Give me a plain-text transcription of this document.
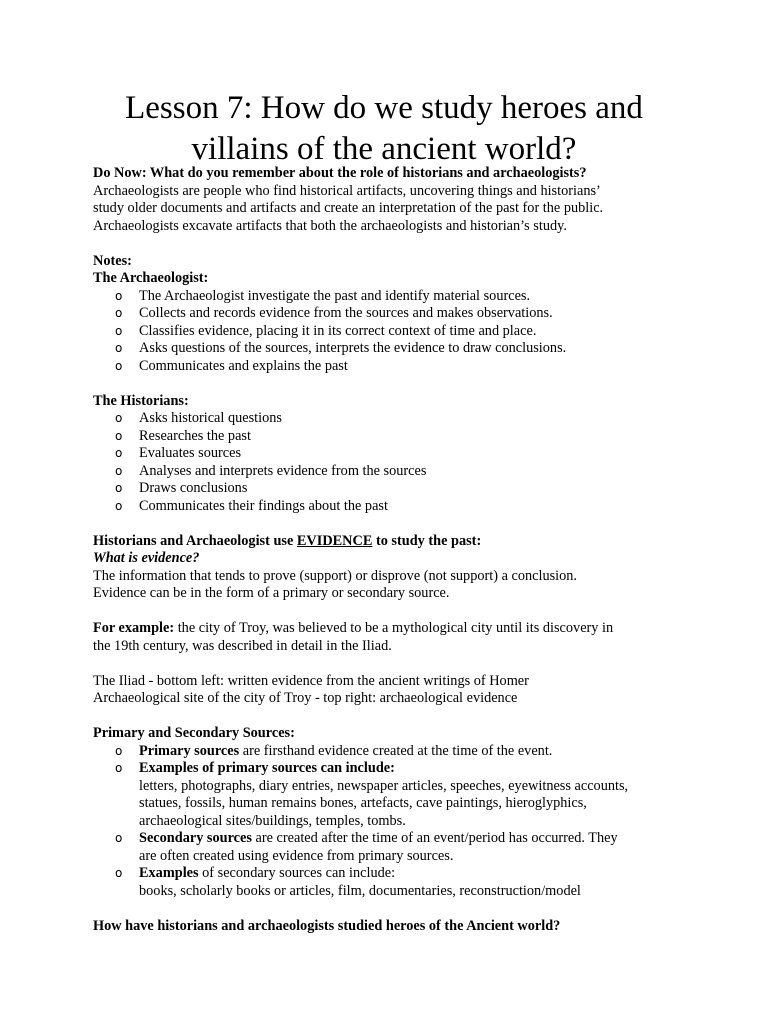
Lesson 7: How do we study heroes and
villains of the ancient world?
Do Now: What do you remember about the role of historians and archaeologists?
Archaeologists are people who find historical artifacts, uncovering things and historians’
study older documents and artifacts and create an interpretation of the past for the public.
Archaeologists excavate artifacts that both the archaeologists and historian’s study.
Notes:
The Archaeologist:
o The Archaeologist investigate the past and identify material sources.
o Collects and records evidence from the sources and makes observations.
o Classifies evidence, placing it in its correct context of time and place.
o Asks questions of the sources, interprets the evidence to draw conclusions.
o Communicates and explains the past
The Historians:
o Asks historical questions
o Researches the past
o Evaluates sources
o Analyses and interprets evidence from the sources
o Draws conclusions
o Communicates their findings about the past
Historians and Archaeologist use EVIDENCE to study the past:
What is evidence?
The information that tends to prove (support) or disprove (not support) a conclusion.
Evidence can be in the form of a primary or secondary source.
For example: the city of Troy, was believed to be a mythological city until its discovery in
the 19th century, was described in detail in the Iliad.
The Iliad - bottom left: written evidence from the ancient writings of Homer
Archaeological site of the city of Troy - top right: archaeological evidence
Primary and Secondary Sources:
o Primary sources are firsthand evidence created at the time of the event.
o Examples of primary sources can include:
letters, photographs, diary entries, newspaper articles, speeches, eyewitness accounts,
statues, fossils, human remains bones, artefacts, cave paintings, hieroglyphics,
archaeological sites/buildings, temples, tombs.
o Secondary sources are created after the time of an event/period has occurred. They
are often created using evidence from primary sources.
o Examples of secondary sources can include:
books, scholarly books or articles, film, documentaries, reconstruction/model
How have historians and archaeologists studied heroes of the Ancient world?
